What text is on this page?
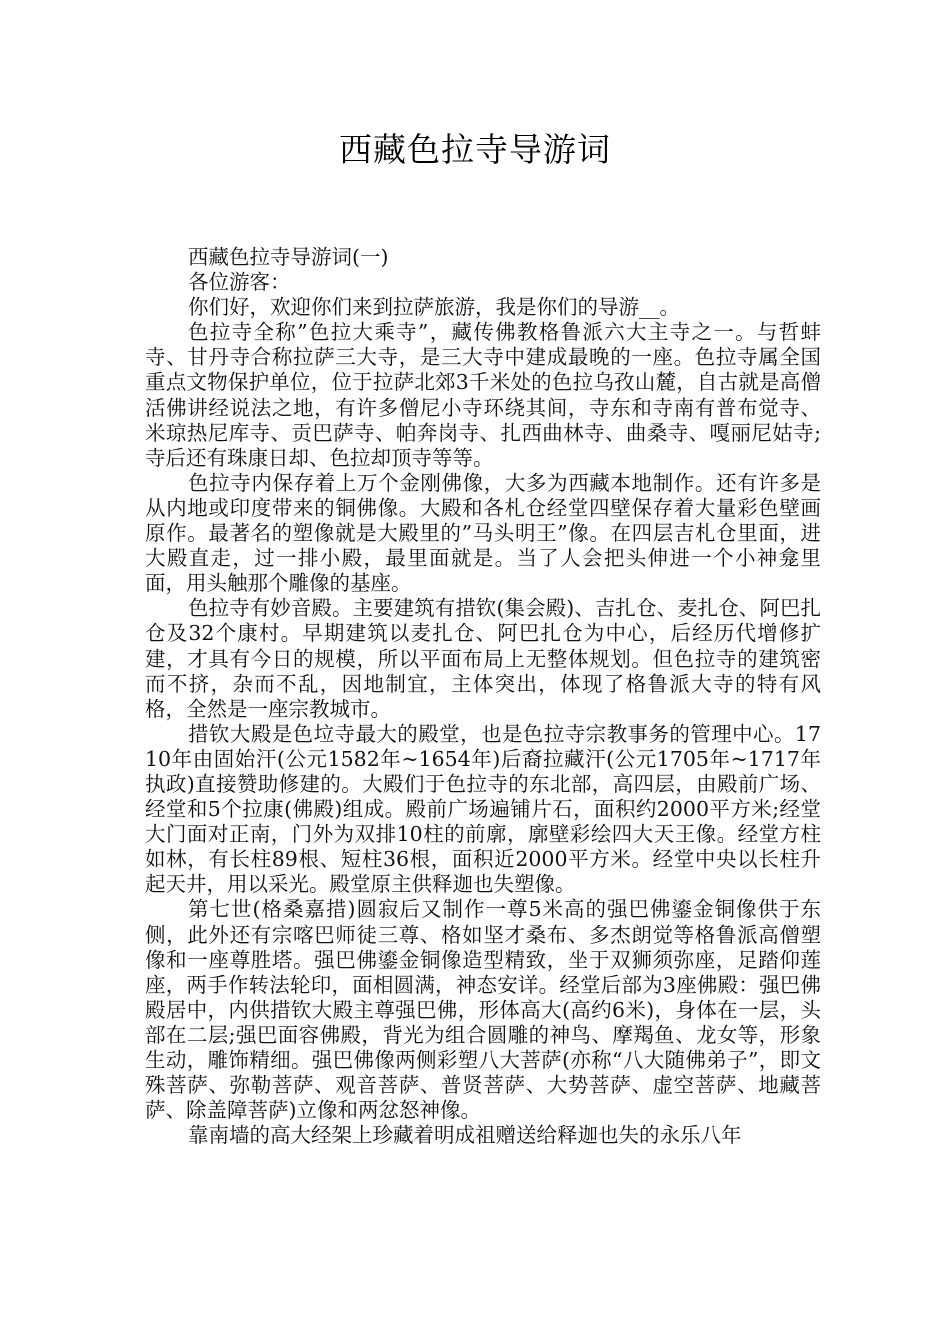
西藏色拉寺导游词

西藏色拉寺导游词(一)

各位游客：

你们好，欢迎你们来到拉萨旅游，我是你们的导游__。

色拉寺全称”色拉大乘寺”，藏传佛教格鲁派六大主寺之一。与哲蚌寺、甘丹寺合称拉萨三大寺，是三大寺中建成最晚的一座。色拉寺属全国重点文物保护单位，位于拉萨北郊3千米处的色拉乌孜山麓，自古就是高僧活佛讲经说法之地，有许多僧尼小寺环绕其间，寺东和寺南有普布觉寺、米琼热尼库寺、贡巴萨寺、帕奔岗寺、扎西曲林寺、曲桑寺、嘎丽尼姑寺;寺后还有珠康日却、色拉却顶寺等等。

色拉寺内保存着上万个金刚佛像，大多为西藏本地制作。还有许多是从内地或印度带来的铜佛像。大殿和各札仓经堂四壁保存着大量彩色壁画原作。最著名的塑像就是大殿里的”马头明王”像。在四层吉札仓里面，进大殿直走，过一排小殿，最里面就是。当了人会把头伸进一个小神龛里面，用头触那个雕像的基座。

色拉寺有妙音殿。主要建筑有措钦(集会殿)、吉扎仓、麦扎仓、阿巴扎仓及32个康村。早期建筑以麦扎仓、阿巴扎仓为中心，后经历代增修扩建，才具有今日的规模，所以平面布局上无整体规划。但色拉寺的建筑密而不挤，杂而不乱，因地制宜，主体突出，体现了格鲁派大寺的特有风格，全然是一座宗教城市。

措钦大殿是色垃寺最大的殿堂，也是色拉寺宗教事务的管理中心。1710年由固始汗(公元1582年~1654年)后裔拉藏汗(公元1705年~1717年执政)直接赞助修建的。大殿们于色拉寺的东北部，高四层，由殿前广场、经堂和5个拉康(佛殿)组成。殿前广场遍铺片石，面积约2000平方米;经堂大门面对正南，门外为双排10柱的前廓，廓壁彩绘四大天王像。经堂方柱如林，有长柱89根、短柱36根，面积近2000平方米。经堂中央以长柱升起天井，用以采光。殿堂原主供释迦也失塑像。

第七世(格桑嘉措)圆寂后又制作一尊5米高的强巴佛鎏金铜像供于东侧，此外还有宗喀巴师徒三尊、格如坚才桑布、多杰朗觉等格鲁派高僧塑像和一座尊胜塔。强巴佛鎏金铜像造型精致，坐于双狮须弥座，足踏仰莲座，两手作转法轮印，面相圆满，神态安详。经堂后部为3座佛殿：强巴佛殿居中，内供措钦大殿主尊强巴佛，形体高大(高约6米)，身体在一层，头部在二层;强巴面容佛殿，背光为组合圆雕的神鸟、摩羯鱼、龙女等，形象生动，雕饰精细。强巴佛像两侧彩塑八大菩萨(亦称“八大随佛弟子”，即文殊菩萨、弥勒菩萨、观音菩萨、普贤菩萨、大势菩萨、虚空菩萨、地藏菩萨、除盖障菩萨)立像和两忿怒神像。

靠南墙的高大经架上珍藏着明成祖赠送给释迦也失的永乐八年
